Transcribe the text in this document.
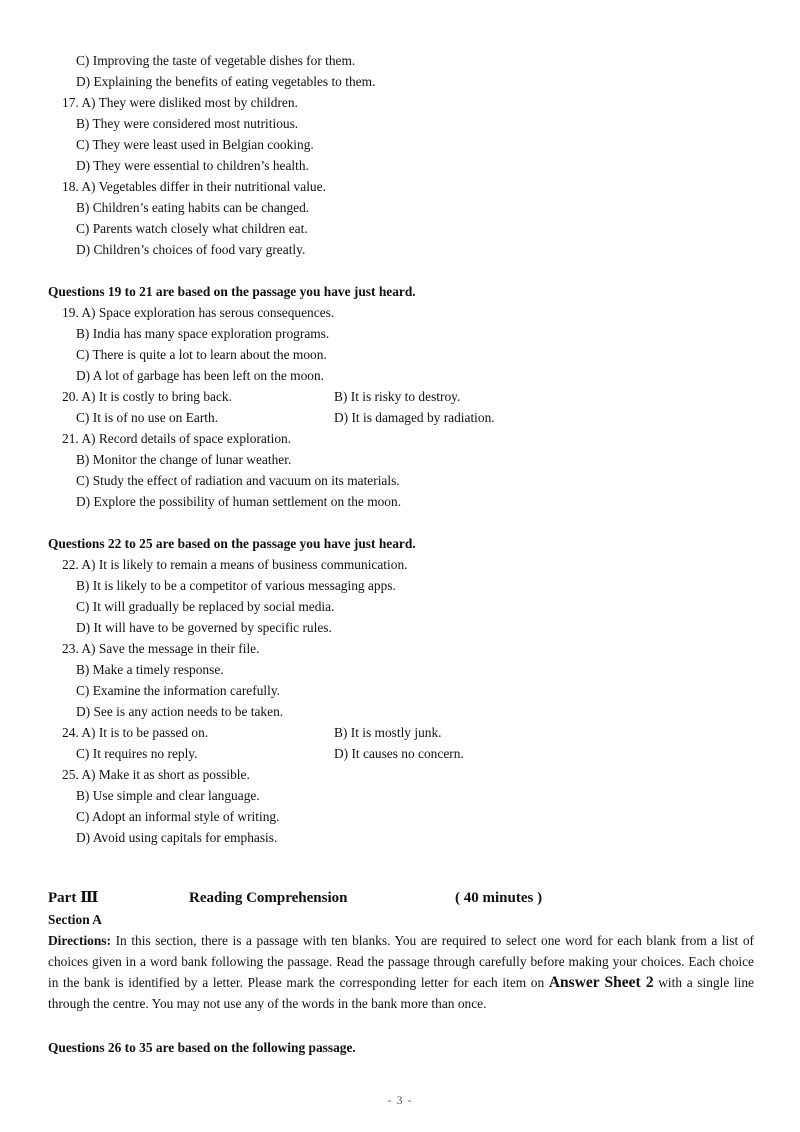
C) Improving the taste of vegetable dishes for them.
D) Explaining the benefits of eating vegetables to them.
17. A) They were disliked most by children.
B) They were considered most nutritious.
C) They were least used in Belgian cooking.
D) They were essential to children’s health.
18. A) Vegetables differ in their nutritional value.
B) Children’s eating habits can be changed.
C) Parents watch closely what children eat.
D) Children’s choices of food vary greatly.
Questions 19 to 21 are based on the passage you have just heard.
19. A) Space exploration has serous consequences.
B) India has many space exploration programs.
C) There is quite a lot to learn about the moon.
D) A lot of garbage has been left on the moon.
20. A) It is costly to bring back.	B) It is risky to destroy.
C) It is of no use on Earth.	D) It is damaged by radiation.
21. A) Record details of space exploration.
B) Monitor the change of lunar weather.
C) Study the effect of radiation and vacuum on its materials.
D) Explore the possibility of human settlement on the moon.
Questions 22 to 25 are based on the passage you have just heard.
22. A) It is likely to remain a means of business communication.
B) It is likely to be a competitor of various messaging apps.
C) It will gradually be replaced by social media.
D) It will have to be governed by specific rules.
23. A) Save the message in their file.
B) Make a timely response.
C) Examine the information carefully.
D) See is any action needs to be taken.
24. A) It is to be passed on.	B) It is mostly junk.
C) It requires no reply.	D) It causes no concern.
25. A) Make it as short as possible.
B) Use simple and clear language.
C) Adopt an informal style of writing.
D) Avoid using capitals for emphasis.
Part Ⅲ	Reading Comprehension	( 40 minutes )
Section A
Directions: In this section, there is a passage with ten blanks. You are required to select one word for each blank from a list of choices given in a word bank following the passage. Read the passage through carefully before making your choices. Each choice in the bank is identified by a letter. Please mark the corresponding letter for each item on Answer Sheet 2 with a single line through the centre. You may not use any of the words in the bank more than once.
Questions 26 to 35 are based on the following passage.
- 3 -
